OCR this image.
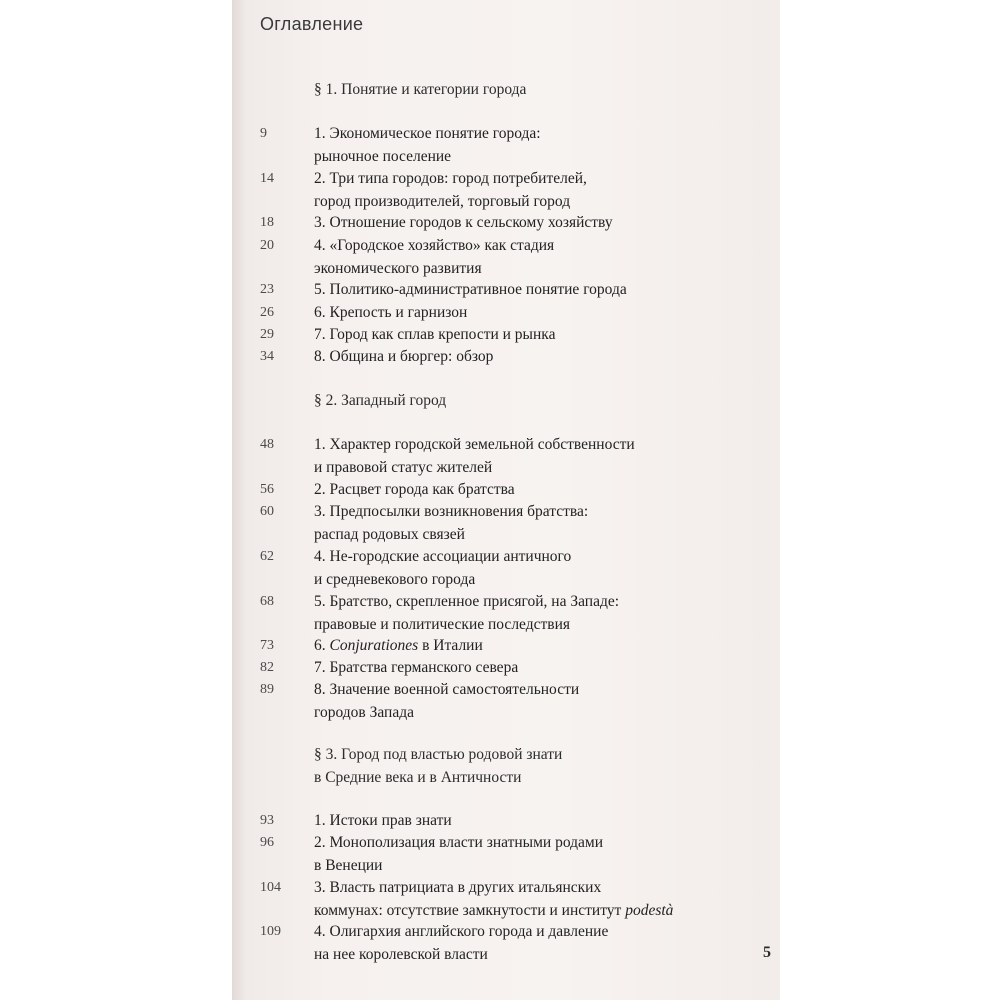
Оглавление
§ 1. Понятие и категории города
9	1. Экономическое понятие города:
рыночное поселение
14	2. Три типа городов: город потребителей,
город производителей, торговый город
18	3. Отношение городов к сельскому хозяйству
20	4. «Городское хозяйство» как стадия
экономического развития
23	5. Политико-административное понятие города
26	6. Крепость и гарнизон
29	7. Город как сплав крепости и рынка
34	8. Община и бюргер: обзор
§ 2. Западный город
48	1. Характер городской земельной собственности
и правовой статус жителей
56	2. Расцвет города как братства
60	3. Предпосылки возникновения братства:
распад родовых связей
62	4. Не-городские ассоциации античного
и средневекового города
68	5. Братство, скрепленное присягой, на Западе:
правовые и политические последствия
73	6. Conjurationes в Италии
82	7. Братства германского севера
89	8. Значение военной самостоятельности
городов Запада
§ 3. Город под властью родовой знати
в Средние века и в Античности
93	1. Истоки прав знати
96	2. Монополизация власти знатными родами
в Венеции
104 3. Власть патрициата в других итальянских
коммунах: отсутствие замкнутости и институт podestà
109 4. Олигархия английского города и давление
на нее королевской власти	5
